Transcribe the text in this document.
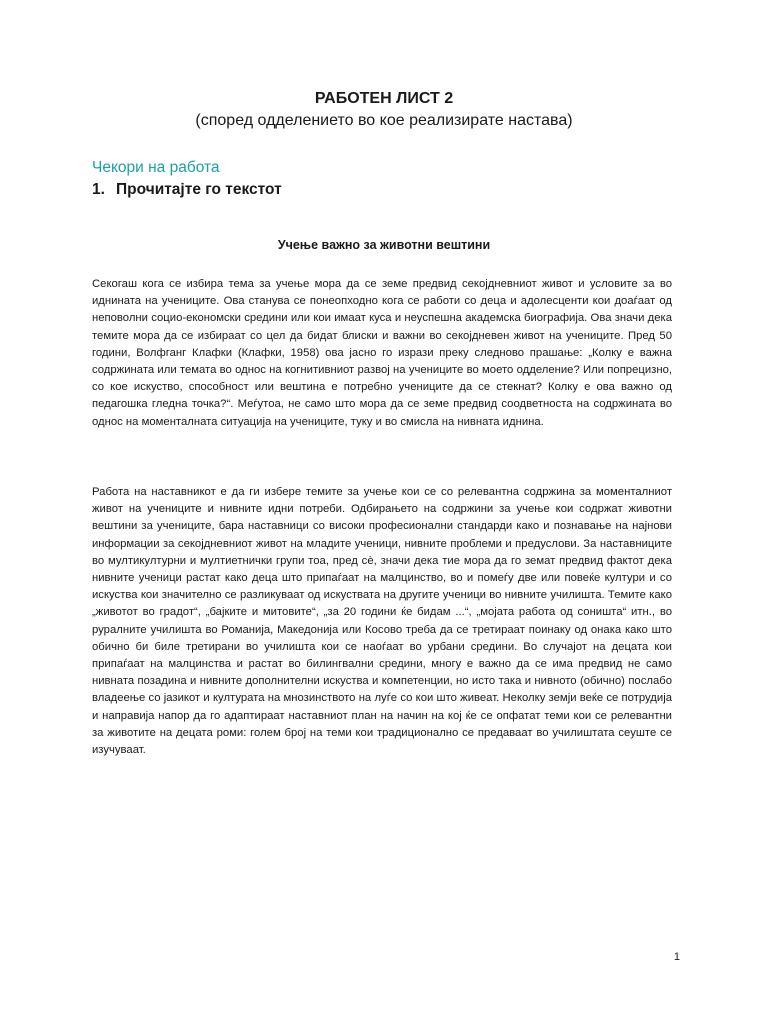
РАБОТЕН ЛИСТ 2
(според одделението во кое реализирате настава)
Чекори на работа
1. Прочитајте го текстот
Учење важно за животни вештини

Секогаш кога се избира тема за учење мора да се земе предвид секојдневниот живот и условите за во иднината на учениците. Ова станува се понеопходно кога се работи со деца и адолесценти кои доаѓаат од неповолни социо-економски средини или кои имаат куса и неуспешна академска биографија. Ова значи дека темите мора да се избираат со цел да бидат блиски и важни во секојдневен живот на учениците. Пред 50 години, Волфганг Клафки (Клафки, 1958) ова јасно го изрази преку следново прашање: „Колку е важна содржината или темата во однос на когнитивниот развој на учениците во моето одделение? Или попрецизно, со кое искуство, способност или вештина е потребно учениците да се стекнат? Колку е ова важно од педагошка гледна точка?“. Меѓутоа, не само што мора да се земе предвид соодветноста на содржината во однос на моменталната ситуација на учениците, туку и во смисла на нивната иднина.

Работа на наставникот е да ги избере темите за учење кои се со релевантна содржина за моменталниот живот на учениците и нивните идни потреби. Одбирањето на содржини за учење кои содржат животни вештини за учениците, бара наставници со високи професионални стандарди како и познавање на најнови информации за секојдневниот живот на младите ученици, нивните проблеми и предуслови. За наставниците во мултикултурни и мултиетнички групи тоа, пред сè, значи дека тие мора да го земат предвид фактот дека нивните ученици растат како деца што припаѓаат на малцинство, во и помеѓу две или повеќе култури и со искуства кои значително се разликуваат од искуствата на другите ученици во нивните училишта. Темите како „животот во градот“, „бајките и митовите“, „за 20 години ќе бидам ...“, „мојата работа од соништа“ итн., во руралните училишта во Романија, Македонија или Косово треба да се третираат поинаку од онака како што обично би биле третирани во училишта кои се наоѓаат во урбани средини. Во случајот на децата кои припаѓаат на малцинства и растат во билингвални средини, многу е важно да се има предвид не само нивната позадина и нивните дополнителни искуства и компетенции, но исто така и нивното (обично) послабо владеење со јазикот и културата на мнозинството на луѓе со кои што живеат. Неколку земји веќе се потрудија и направија напор да го адаптираат наставниот план на начин на кој ќе се опфатат теми кои се релевантни за животите на децата роми: голем број на теми кои традиционално се предаваат во училиштата сеуште се изучуваат.

1
